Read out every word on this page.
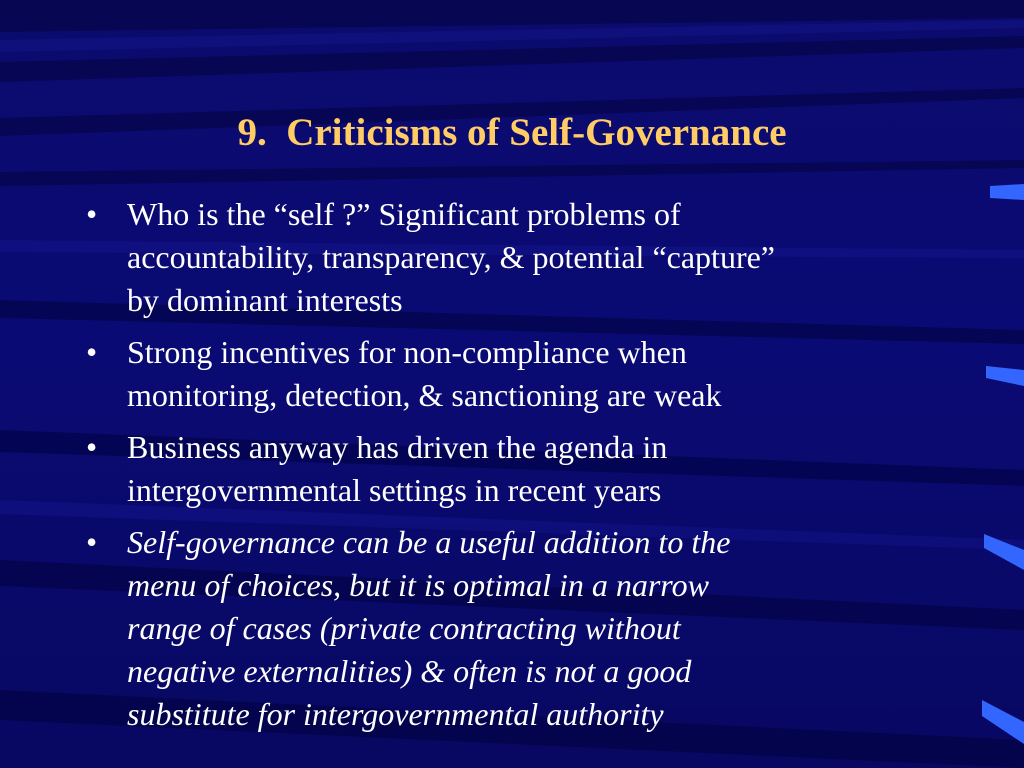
9.  Criticisms of Self-Governance
• Who is the “self ?” Significant problems of
accountability, transparency, & potential “capture”
by dominant interests
• Strong incentives for non-compliance when
monitoring, detection, & sanctioning are weak
• Business anyway has driven the agenda in
intergovernmental settings in recent years
• Self-governance can be a useful addition to the
menu of choices, but it is optimal in a narrow
range of cases (private contracting without
negative externalities) & often is not a good
substitute for intergovernmental authority
